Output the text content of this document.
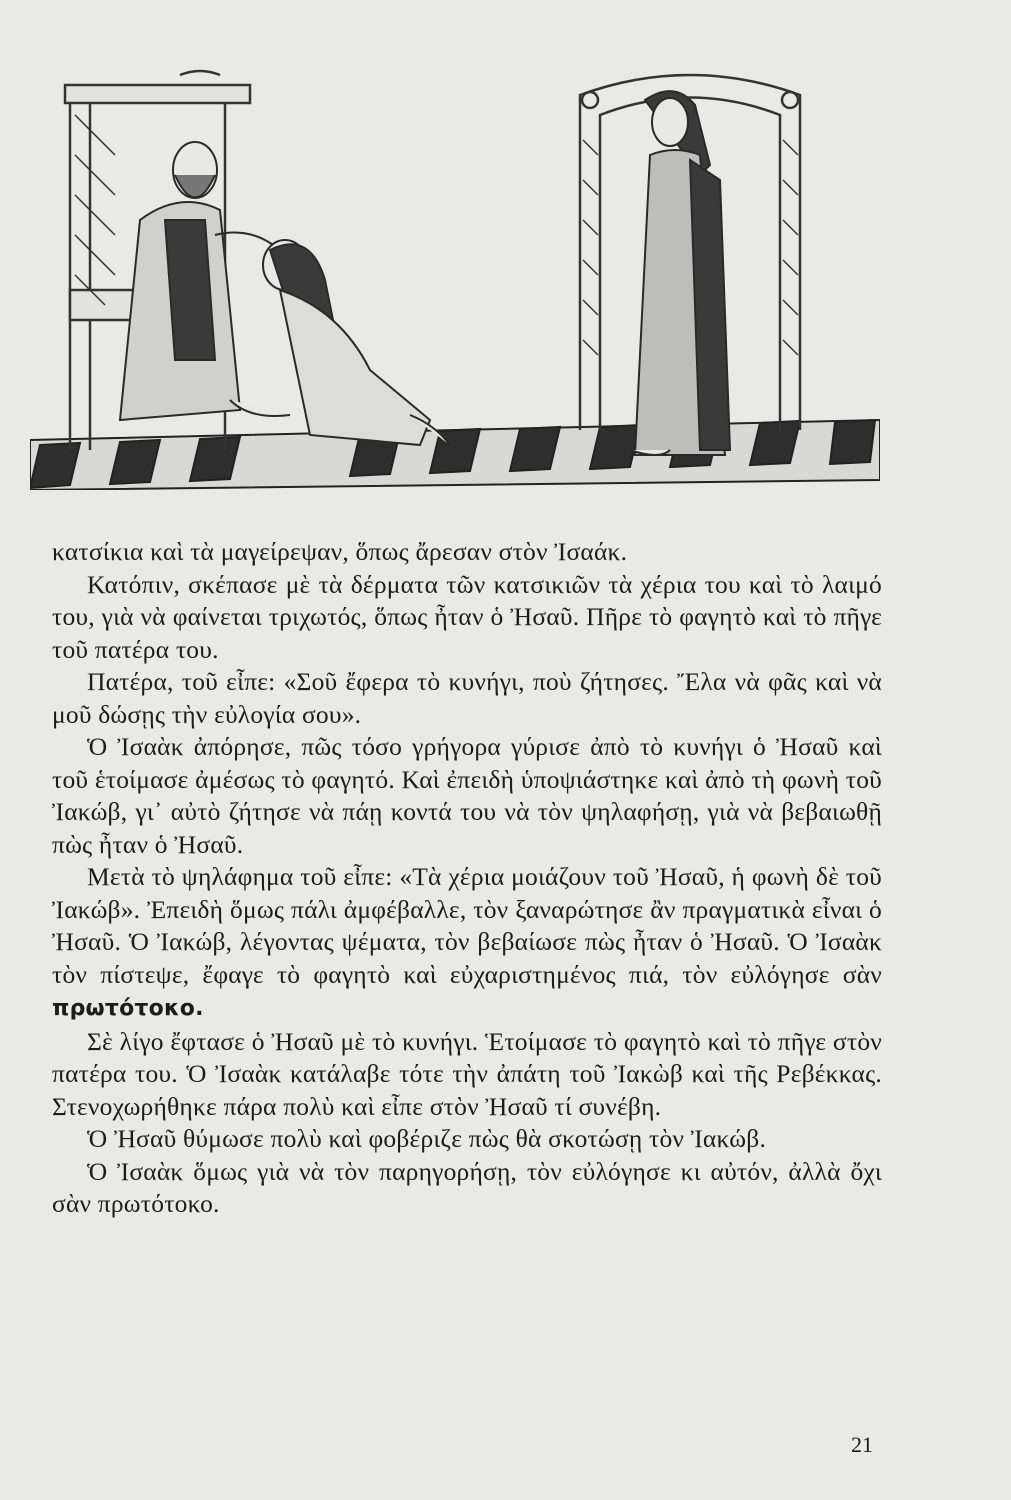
κατσίκια καὶ τὰ μαγείρεψαν, ὅπως ἄρεσαν στὸν Ἰσαάκ.

Κατόπιν, σκέπασε μὲ τὰ δέρματα τῶν κατσικιῶν τὰ χέρια του καὶ τὸ λαιμό του, γιὰ νὰ φαίνεται τριχωτός, ὅπως ἦταν ὁ Ἠσαῦ. Πῆρε τὸ φαγητὸ καὶ τὸ πῆγε τοῦ πατέρα του.

Πατέρα, τοῦ εἶπε: «Σοῦ ἔφερα τὸ κυνήγι, ποὺ ζήτησες. Ἔλα νὰ φᾶς καὶ νὰ μοῦ δώσῃς τὴν εὐλογία σου».

Ὁ Ἰσαὰκ ἀπόρησε, πῶς τόσο γρήγορα γύρισε ἀπὸ τὸ κυνήγι ὁ Ἠσαῦ καὶ τοῦ ἑτοίμασε ἀμέσως τὸ φαγητό. Καὶ ἐπειδὴ ὑποψιάστηκε καὶ ἀπὸ τὴ φωνὴ τοῦ Ἰακώβ, γι᾿ αὐτὸ ζήτησε νὰ πάῃ κοντά του νὰ τὸν ψηλαφήσῃ, γιὰ νὰ βεβαιωθῇ πὼς ἦταν ὁ Ἠσαῦ.

Μετὰ τὸ ψηλάφημα τοῦ εἶπε: «Τὰ χέρια μοιάζουν τοῦ Ἠσαῦ, ἡ φωνὴ δὲ τοῦ Ἰακώβ». Ἐπειδὴ ὅμως πάλι ἀμφέβαλλε, τὸν ξαναρώτησε ἂν πραγματικὰ εἶναι ὁ Ἠσαῦ. Ὁ Ἰακώβ, λέγοντας ψέματα, τὸν βεβαίωσε πὼς ἦταν ὁ Ἠσαῦ. Ὁ Ἰσαὰκ τὸν πίστεψε, ἔφαγε τὸ φαγητὸ καὶ εὐχαριστημένος πιά, τὸν εὐλόγησε σὰν πρωτότοκο.

Σὲ λίγο ἔφτασε ὁ Ἠσαῦ μὲ τὸ κυνήγι. Ἑτοίμασε τὸ φαγητὸ καὶ τὸ πῆγε στὸν πατέρα του. Ὁ Ἰσαὰκ κατάλαβε τότε τὴν ἀπάτη τοῦ Ἰακὼβ καὶ τῆς Ρεβέκκας. Στενοχωρήθηκε πάρα πολὺ καὶ εἶπε στὸν Ἠσαῦ τί συνέβη.

Ὁ Ἠσαῦ θύμωσε πολὺ καὶ φοβέριζε πὼς θὰ σκοτώσῃ τὸν Ἰακώβ.

Ὁ Ἰσαὰκ ὅμως γιὰ νὰ τὸν παρηγορήσῃ, τὸν εὐλόγησε κι αὐτόν, ἀλλὰ ὄχι σὰν πρωτότοκο.

21
